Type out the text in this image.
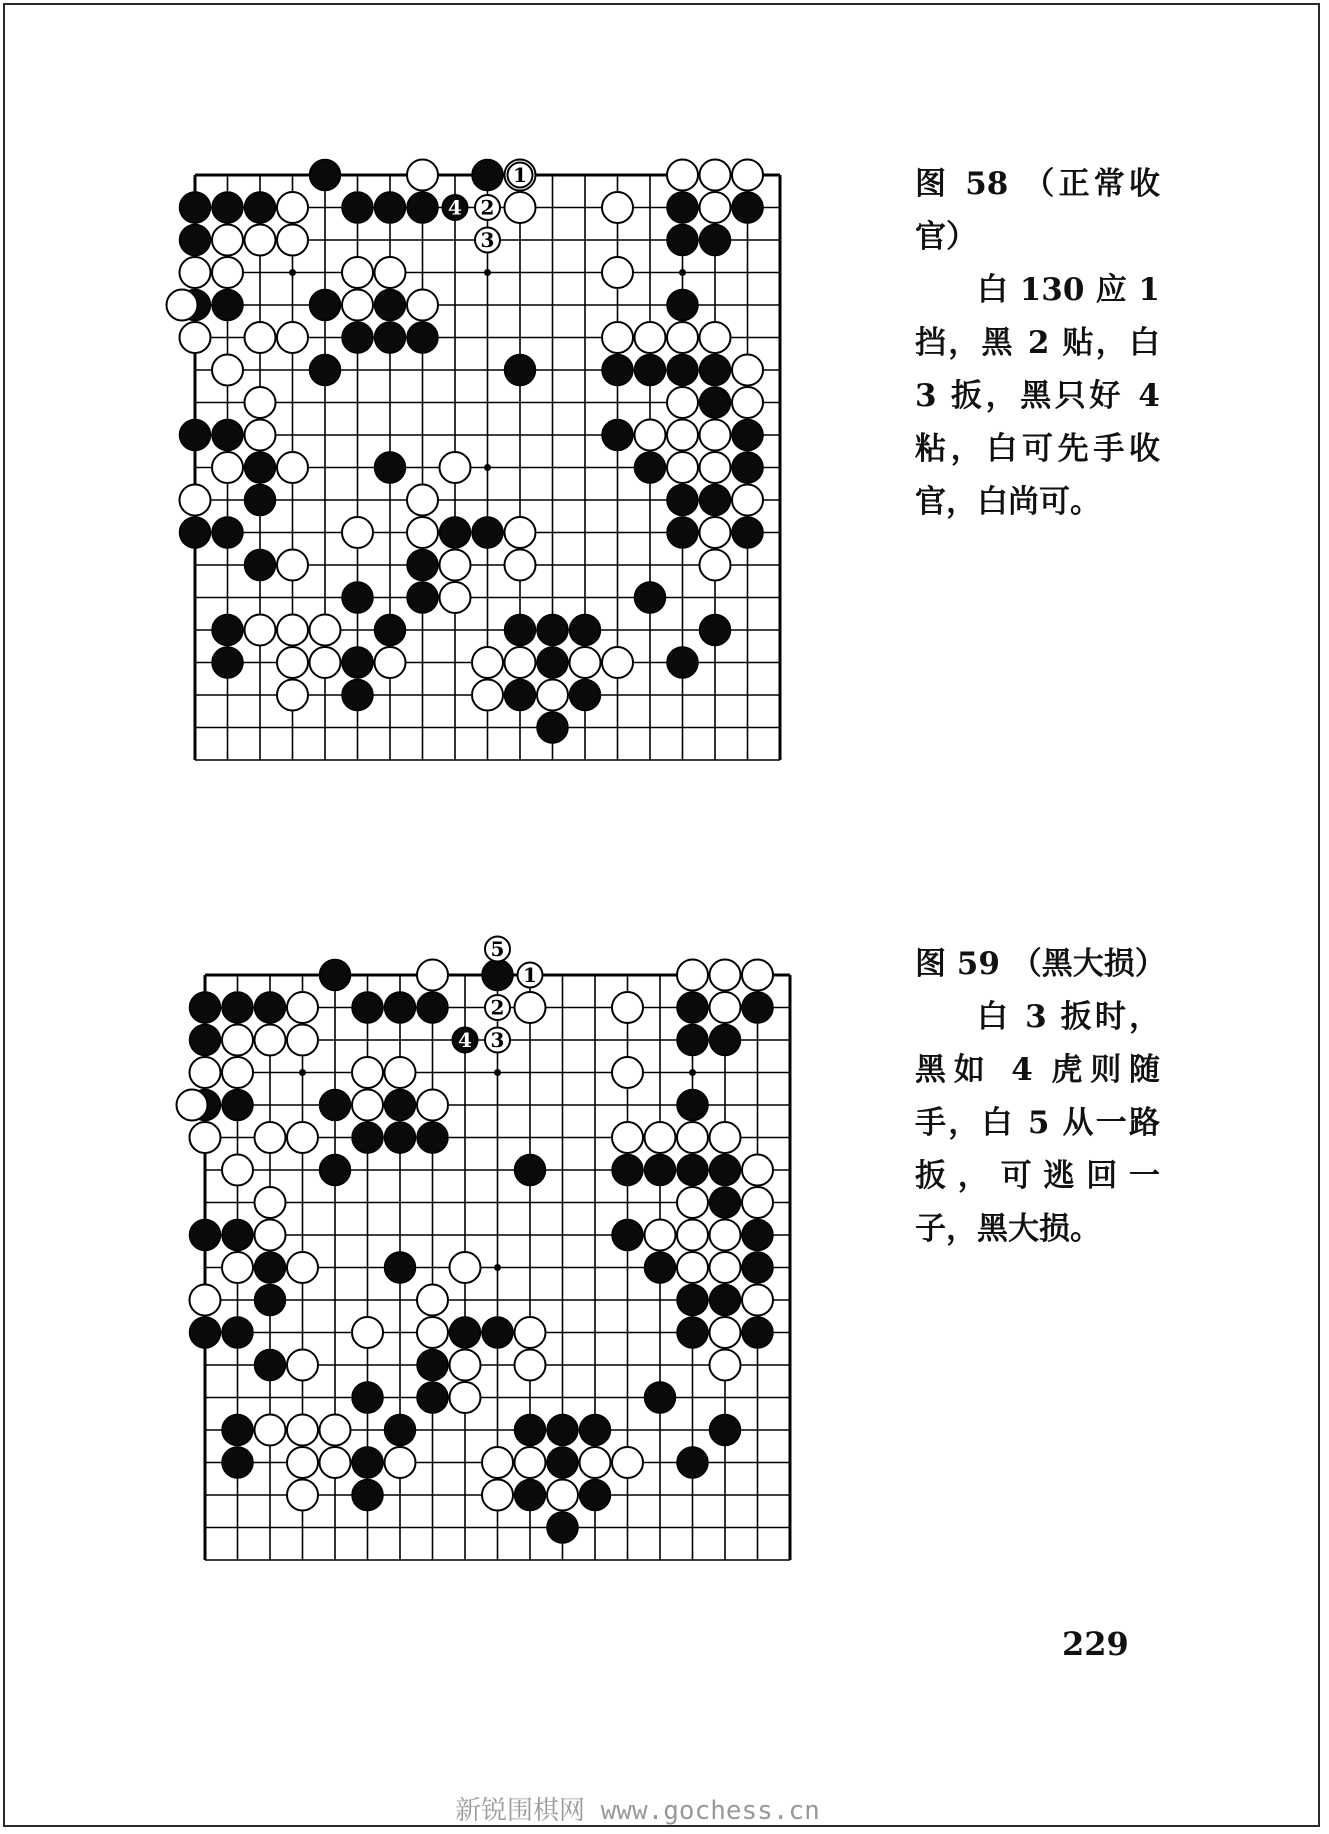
1
2
3
4
图 58 （正常收官）
白 130 应 1 挡，黑 2 贴，白 3 扳，黑只好 4 粘，白可先手收官，白尚可。
5
1
2
3
4
图 59 （黑大损）
白 3 扳时，黑如 4 虎则随手，白 5 从一路扳，可逃回一子，黑大损。
229
新锐围棋网 www.gochess.cn
